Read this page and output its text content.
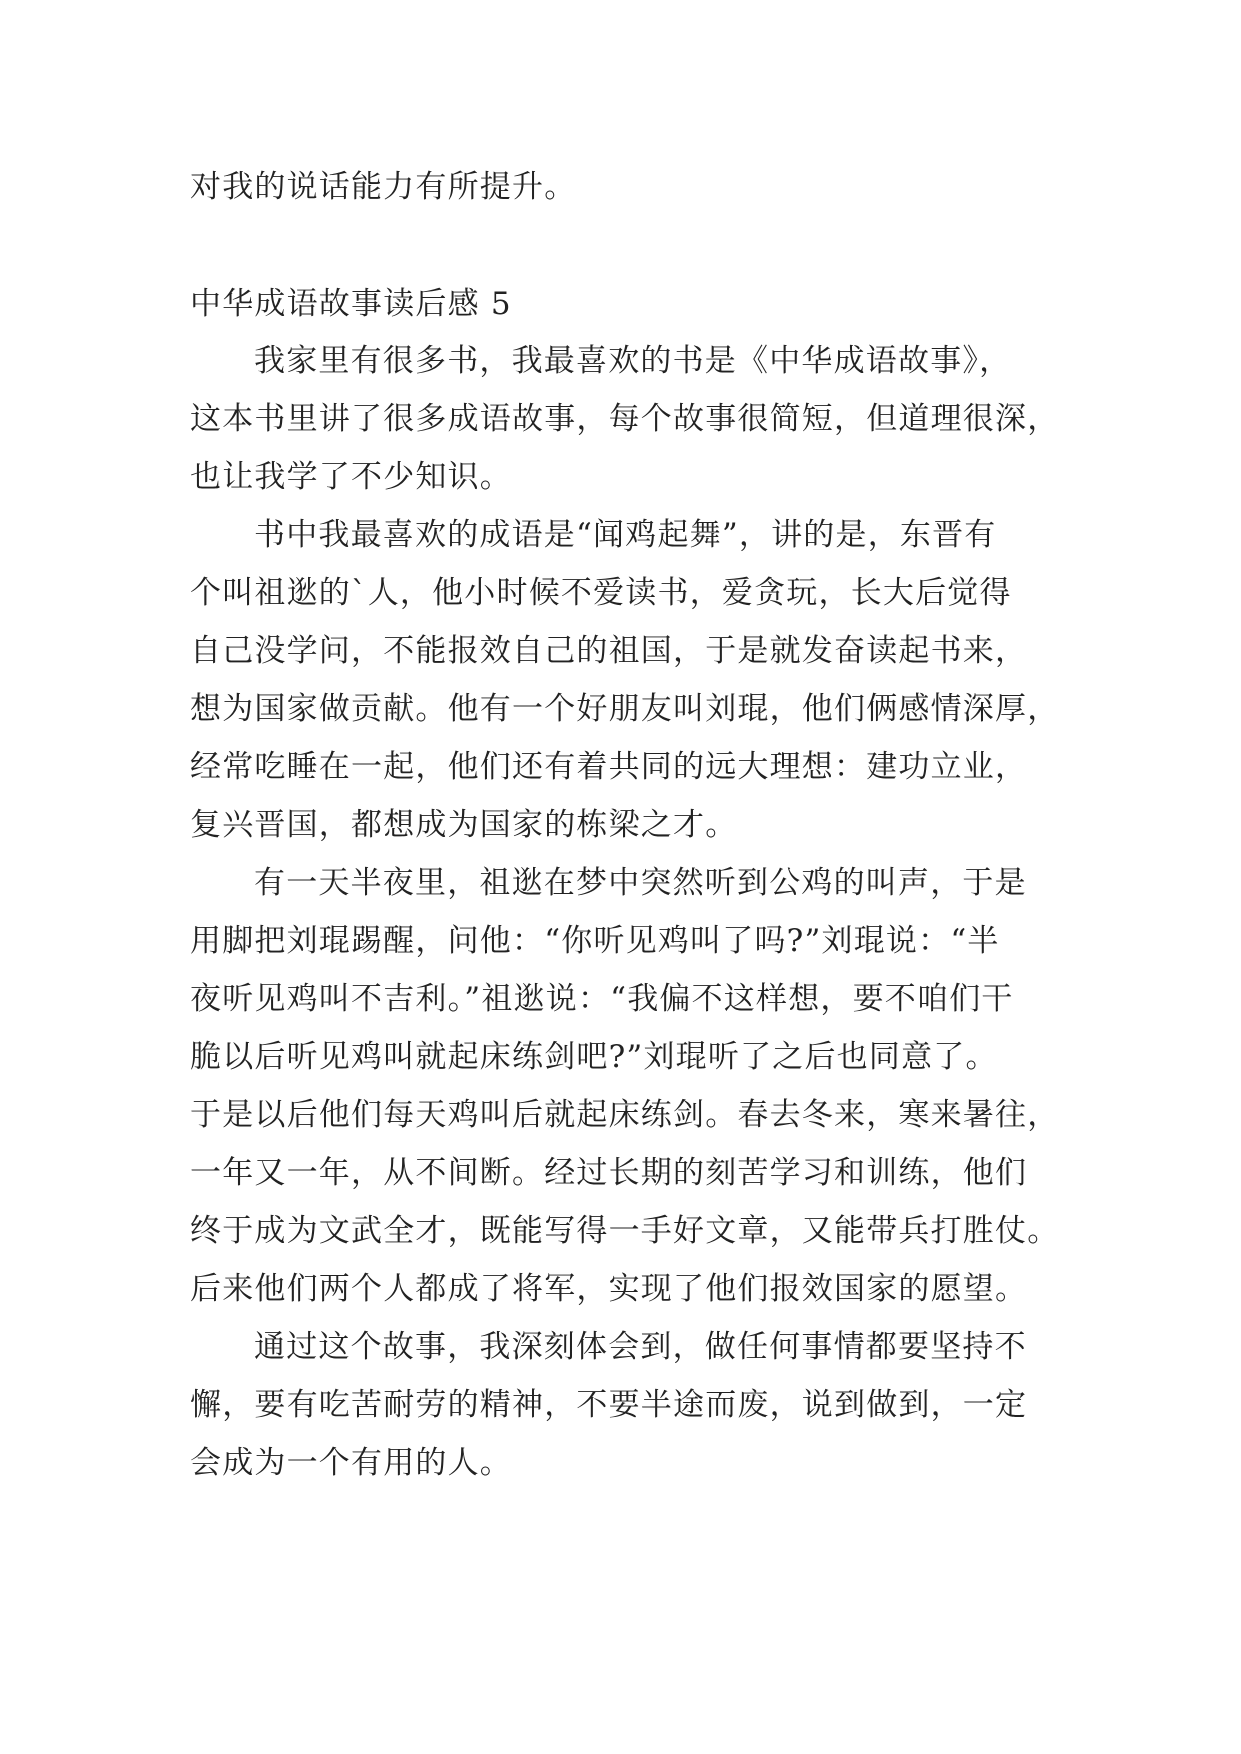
对我的说话能力有所提升。
中华成语故事读后感 5
我家里有很多书，我最喜欢的书是《中华成语故事》，
这本书里讲了很多成语故事，每个故事很简短，但道理很深，
也让我学了不少知识。
书中我最喜欢的成语是“闻鸡起舞”，讲的是，东晋有
个叫祖逖的`人，他小时候不爱读书，爱贪玩，长大后觉得
自己没学问，不能报效自己的祖国，于是就发奋读起书来，
想为国家做贡献。他有一个好朋友叫刘琨，他们俩感情深厚，
经常吃睡在一起，他们还有着共同的远大理想：建功立业，
复兴晋国，都想成为国家的栋梁之才。
有一天半夜里，祖逖在梦中突然听到公鸡的叫声，于是
用脚把刘琨踢醒，问他：“你听见鸡叫了吗?”刘琨说：“半
夜听见鸡叫不吉利。”祖逖说：“我偏不这样想，要不咱们干
脆以后听见鸡叫就起床练剑吧?”刘琨听了之后也同意了。
于是以后他们每天鸡叫后就起床练剑。春去冬来，寒来暑往，
一年又一年，从不间断。经过长期的刻苦学习和训练，他们
终于成为文武全才，既能写得一手好文章，又能带兵打胜仗。
后来他们两个人都成了将军，实现了他们报效国家的愿望。
通过这个故事，我深刻体会到，做任何事情都要坚持不
懈，要有吃苦耐劳的精神，不要半途而废，说到做到，一定
会成为一个有用的人。
